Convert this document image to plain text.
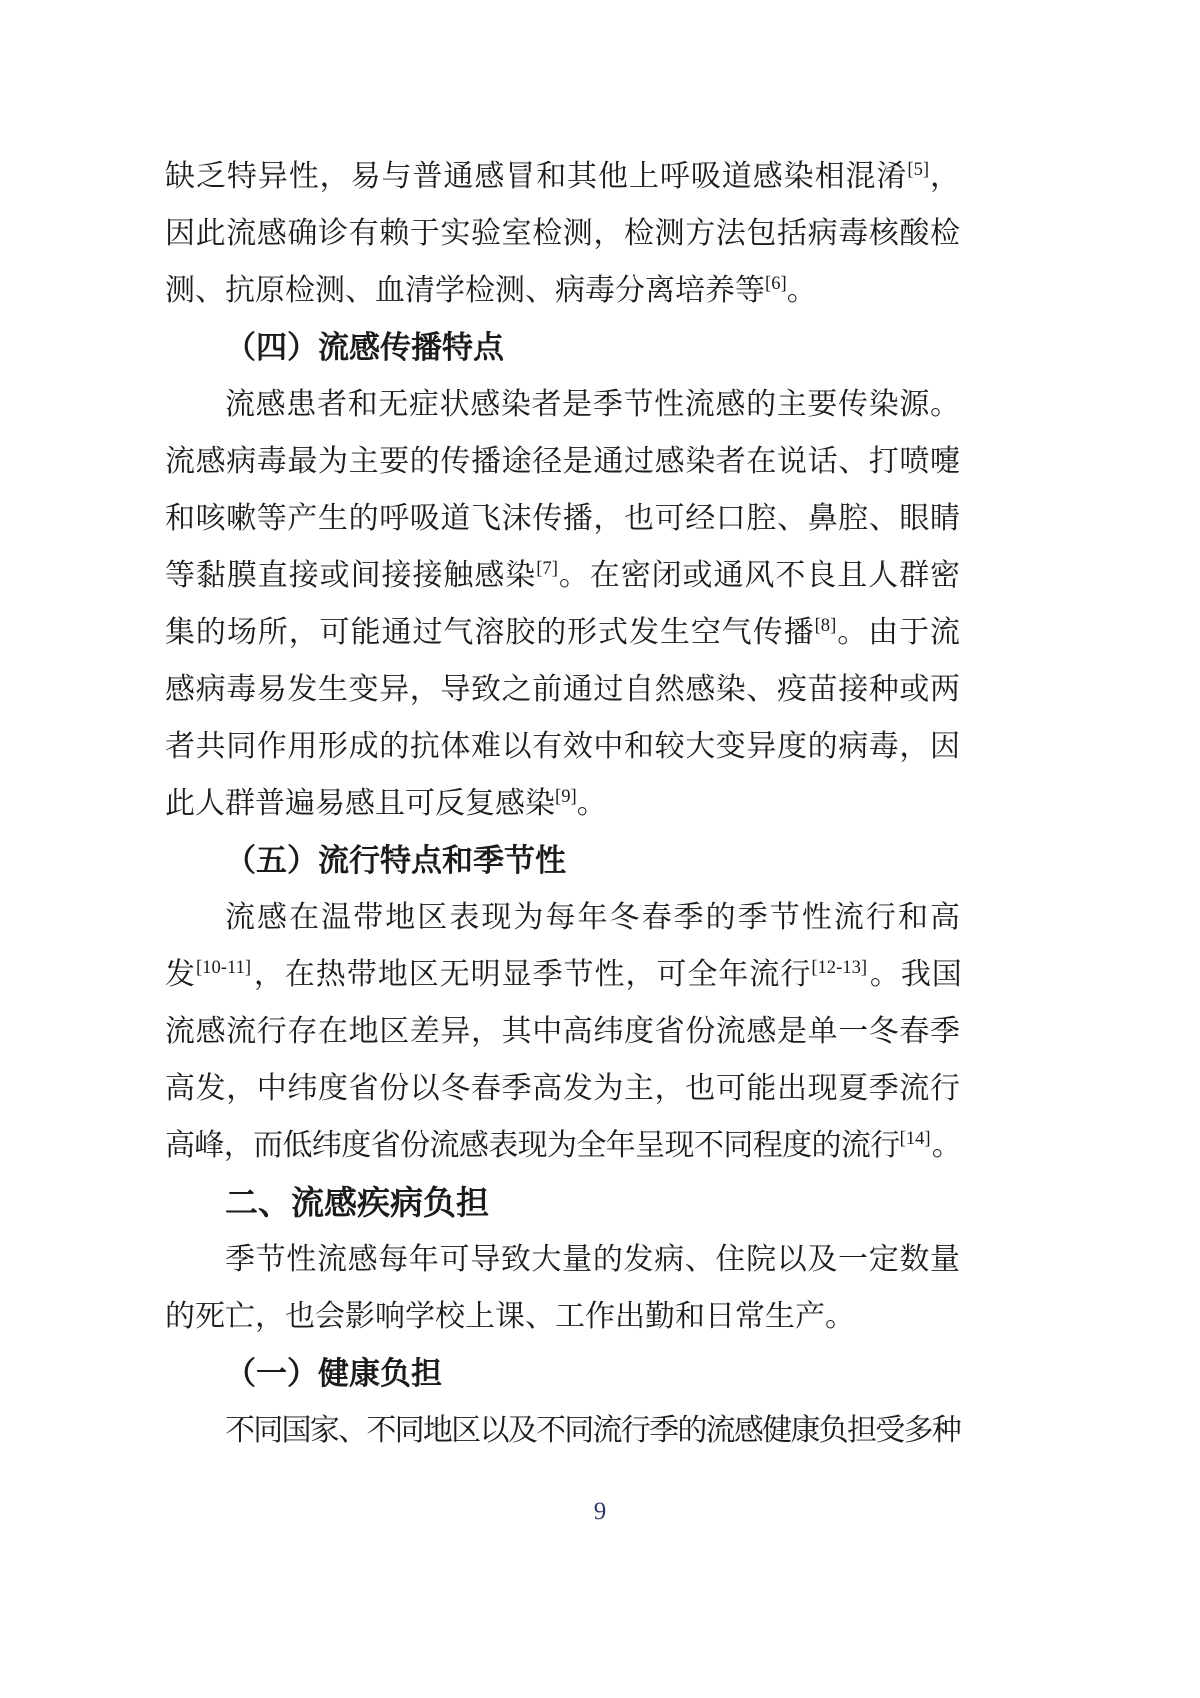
缺乏特异性，易与普通感冒和其他上呼吸道感染相混淆[5]，
因此流感确诊有赖于实验室检测，检测方法包括病毒核酸检
测、抗原检测、血清学检测、病毒分离培养等[6]。
（四）流感传播特点
流感患者和无症状感染者是季节性流感的主要传染源。
流感病毒最为主要的传播途径是通过感染者在说话、打喷嚏
和咳嗽等产生的呼吸道飞沫传播，也可经口腔、鼻腔、眼睛
等黏膜直接或间接接触感染[7]。在密闭或通风不良且人群密
集的场所，可能通过气溶胶的形式发生空气传播[8]。由于流
感病毒易发生变异，导致之前通过自然感染、疫苗接种或两
者共同作用形成的抗体难以有效中和较大变异度的病毒，因
此人群普遍易感且可反复感染[9]。
（五）流行特点和季节性
流感在温带地区表现为每年冬春季的季节性流行和高
发[10-11]，在热带地区无明显季节性，可全年流行[12-13]。我国
流感流行存在地区差异，其中高纬度省份流感是单一冬春季
高发，中纬度省份以冬春季高发为主，也可能出现夏季流行
高峰，而低纬度省份流感表现为全年呈现不同程度的流行[14]。
二、流感疾病负担
季节性流感每年可导致大量的发病、住院以及一定数量
的死亡，也会影响学校上课、工作出勤和日常生产。
（一）健康负担
不同国家、不同地区以及不同流行季的流感健康负担受多种
9
